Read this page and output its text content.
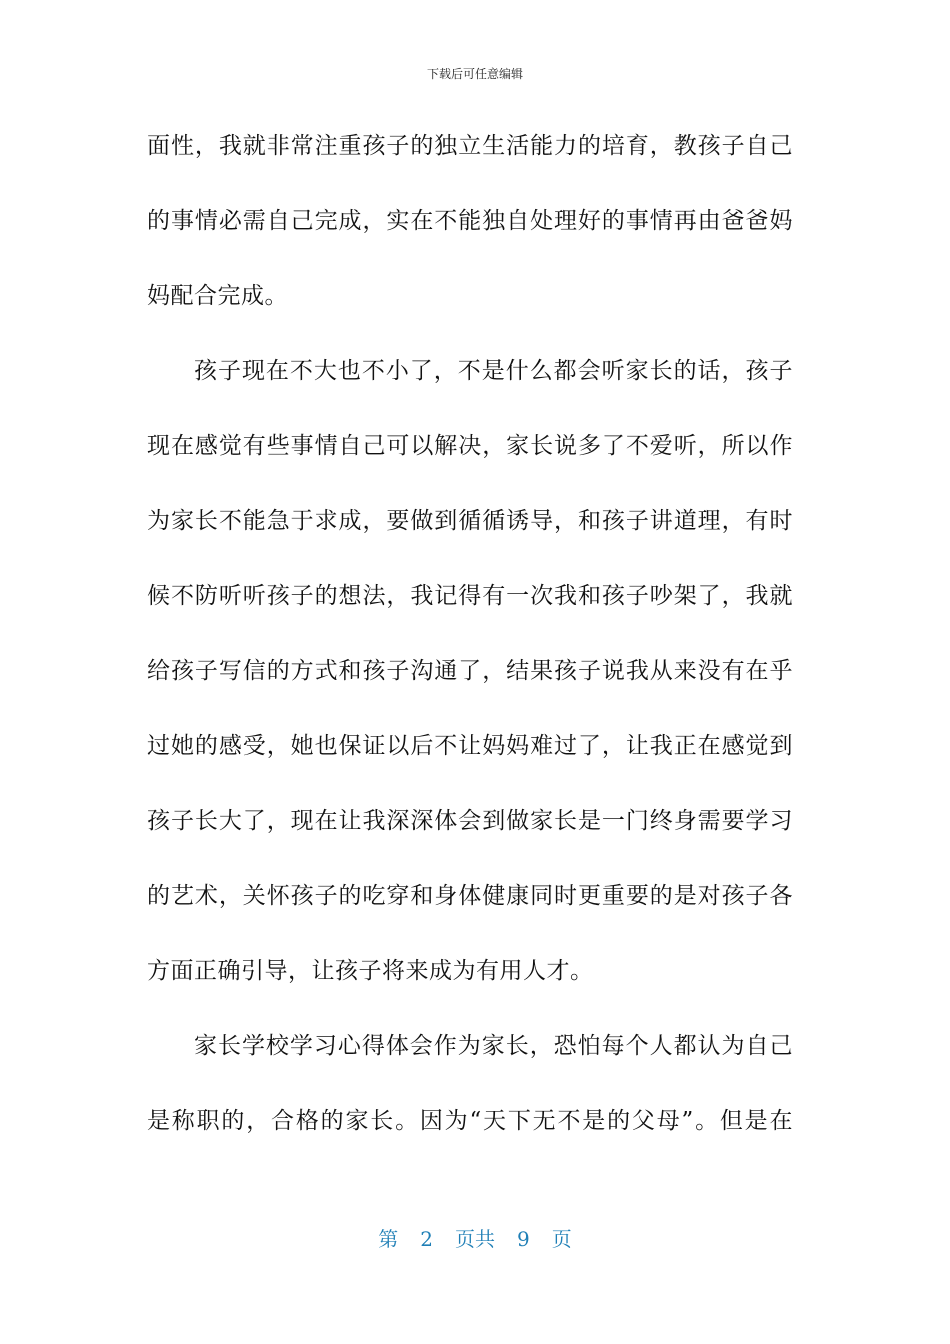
下载后可任意编辑
面性，我就非常注重孩子的独立生活能力的培育，教孩子自己
的事情必需自己完成，实在不能独自处理好的事情再由爸爸妈
妈配合完成。
孩子现在不大也不小了，不是什么都会听家长的话，孩子
现在感觉有些事情自己可以解决，家长说多了不爱听，所以作
为家长不能急于求成，要做到循循诱导，和孩子讲道理，有时
候不防听听孩子的想法，我记得有一次我和孩子吵架了，我就
给孩子写信的方式和孩子沟通了，结果孩子说我从来没有在乎
过她的感受，她也保证以后不让妈妈难过了，让我正在感觉到
孩子长大了，现在让我深深体会到做家长是一门终身需要学习
的艺术，关怀孩子的吃穿和身体健康同时更重要的是对孩子各
方面正确引导，让孩子将来成为有用人才。
家长学校学习心得体会作为家长，恐怕每个人都认为自己
是称职的，合格的家长。因为“天下无不是的父母”。但是在
第 2 页共 9 页
